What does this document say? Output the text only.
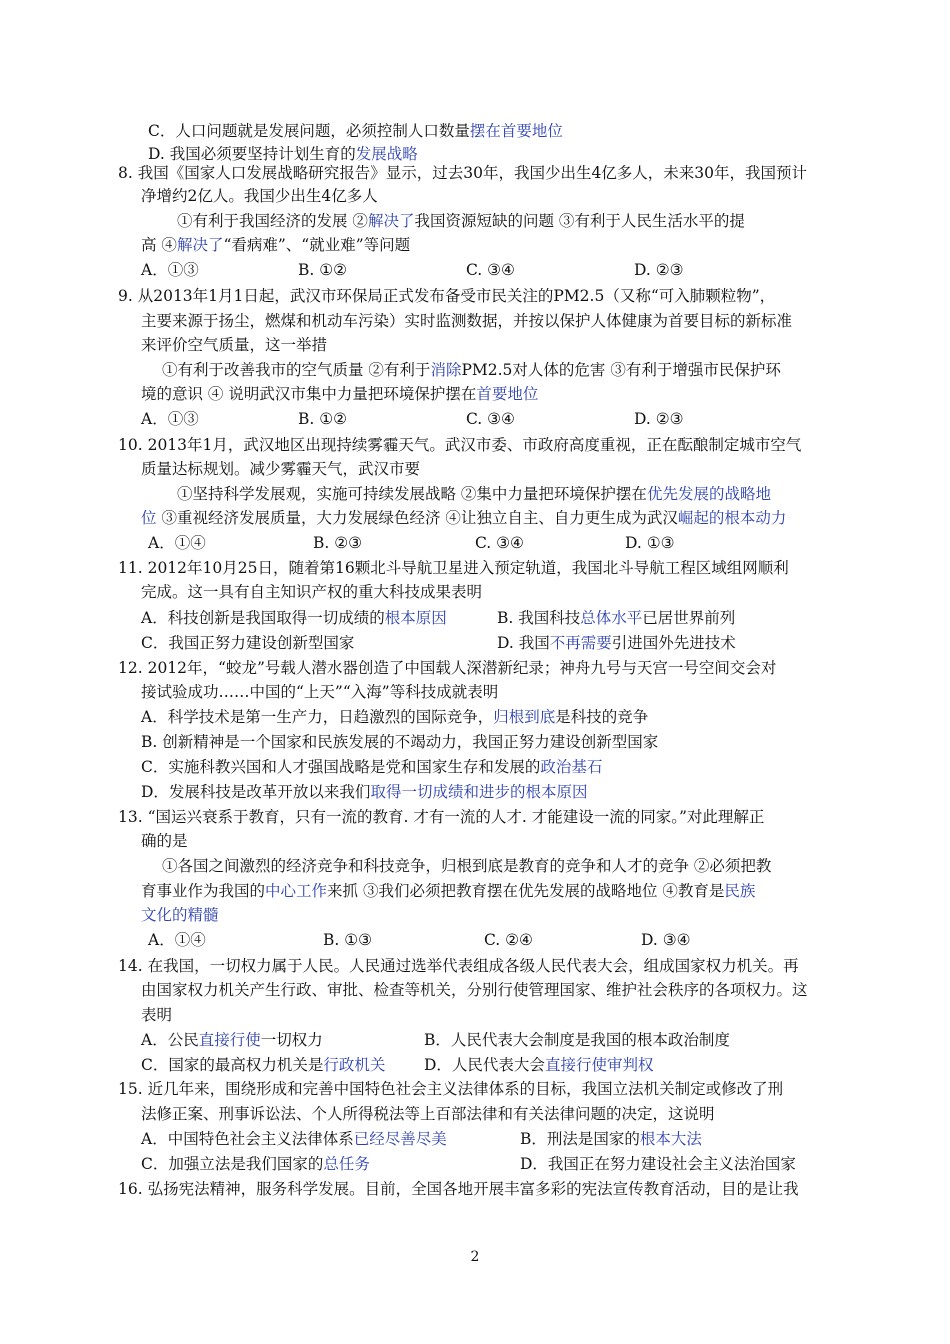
C．人口问题就是发展问题，必须控制人口数量摆在首要地位
D. 我国必须要坚持计划生育的发展战略
8. 我国《国家人口发展战略研究报告》显示，过去30年，我国少出生4亿多人，未来30年，我国预计
净增约2亿人。我国少出生4亿多人
①有利于我国经济的发展 ②解决了我国资源短缺的问题 ③有利于人民生活水平的提
高 ④解决了“看病难”、“就业难”等问题
9. 从2013年1月1日起，武汉市环保局正式发布备受市民关注的PM2.5（又称“可入肺颗粒物”，
主要来源于扬尘，燃煤和机动车污染）实时监测数据，并按以保护人体健康为首要目标的新标准
来评价空气质量，这一举措
①有利于改善我市的空气质量 ②有利于消除PM2.5对人体的危害 ③有利于增强市民保护环
境的意识 ④ 说明武汉市集中力量把环境保护摆在首要地位
10. 2013年1月，武汉地区出现持续雾霾天气。武汉市委、市政府高度重视，正在酝酿制定城市空气
质量达标规划。减少雾霾天气，武汉市要
①坚持科学发展观，实施可持续发展战略 ②集中力量把环境保护摆在优先发展的战略地
位 ③重视经济发展质量，大力发展绿色经济 ④让独立自主、自力更生成为武汉崛起的根本动力
11. 2012年10月25日，随着第16颗北斗导航卫星进入预定轨道，我国北斗导航工程区域组网顺利
完成。这一具有自主知识产权的重大科技成果表明
A．科技创新是我国取得一切成绩的根本原因	B. 我国科技总体水平已居世界前列
C．我国正努力建设创新型国家	D. 我国不再需要引进国外先进技术
12. 2012年，“蛟龙”号载人潜水器创造了中国载人深潜新纪录；神舟九号与天宫一号空间交会对
接试验成功……中国的“上天”“入海”等科技成就表明
A．科学技术是第一生产力，日趋激烈的国际竞争，归根到底是科技的竞争
B. 创新精神是一个国家和民族发展的不竭动力，我国正努力建设创新型国家
C．实施科教兴国和人才强国战略是党和国家生存和发展的政治基石
D．发展科技是改革开放以来我们取得一切成绩和进步的根本原因
13. “国运兴衰系于教育，只有一流的教育. 才有一流的人才. 才能建设一流的同家。”对此理解正
确的是
①各国之间激烈的经济竞争和科技竞争，归根到底是教育的竞争和人才的竞争 ②必须把教
育事业作为我国的中心工作来抓 ③我们必须把教育摆在优先发展的战略地位 ④教育是民族
文化的精髓
14. 在我国，一切权力属于人民。人民通过选举代表组成各级人民代表大会，组成国家权力机关。再
由国家权力机关产生行政、审批、检查等机关，分别行使管理国家、维护社会秩序的各项权力。这
表明
A．公民直接行使一切权力	B．人民代表大会制度是我国的根本政治制度
C．国家的最高权力机关是行政机关 D．人民代表大会直接行使审判权
15. 近几年来，围绕形成和完善中国特色社会主义法律体系的目标，我国立法机关制定或修改了刑
法修正案、刑事诉讼法、个人所得税法等上百部法律和有关法律问题的决定，这说明
A．中国特色社会主义法律体系已经尽善尽美	B．刑法是国家的根本大法
C．加强立法是我们国家的总任务	D．我国正在努力建设社会主义法治国家
16. 弘扬宪法精神，服务科学发展。目前，全国各地开展丰富多彩的宪法宣传教育活动，目的是让我
A．①③	B. ①②	C. ③④	D. ②③
A．①③	B. ①②	C. ③④	D. ②③
A．①④	B. ②③	C. ③④	D. ①③
A．①④	B. ①③	C. ②④	D. ③④
2
